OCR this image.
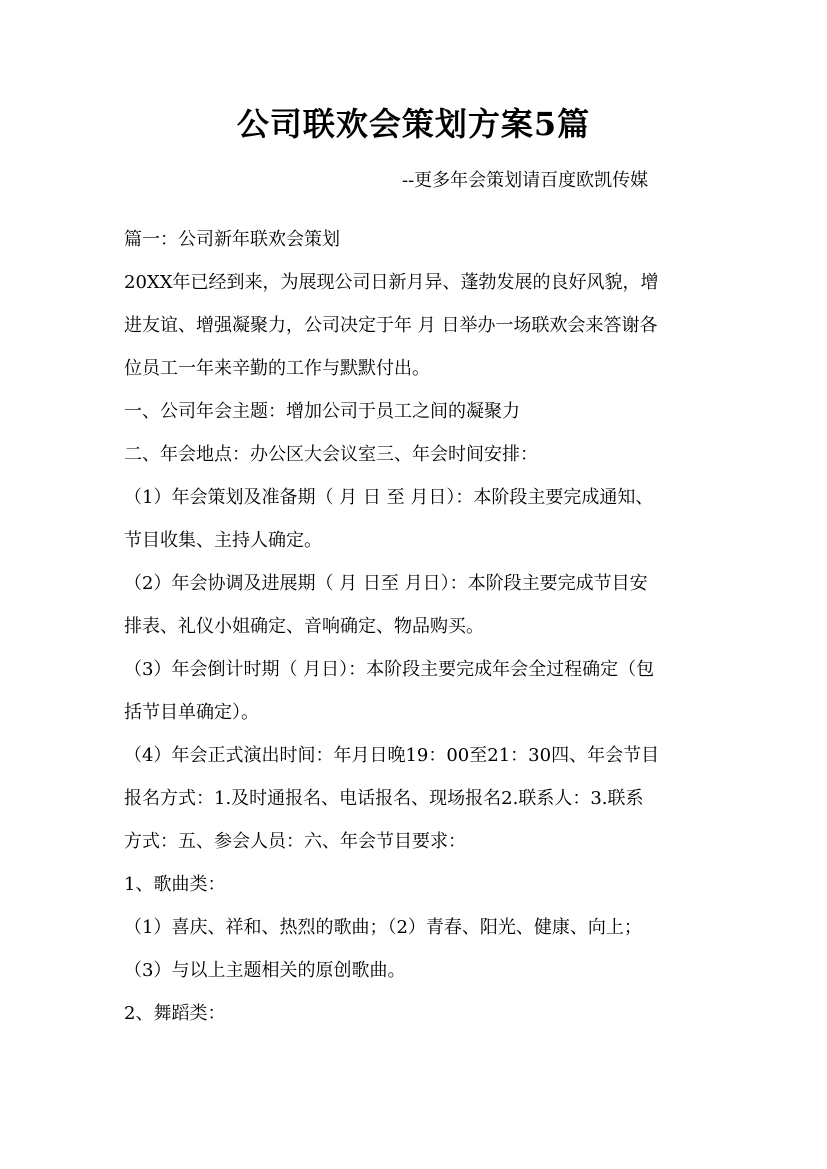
公司联欢会策划方案5篇
--更多年会策划请百度欧凯传媒
篇一：公司新年联欢会策划
20XX年已经到来，为展现公司日新月异、蓬勃发展的良好风貌，增
进友谊、增强凝聚力，公司决定于年 月 日举办一场联欢会来答谢各
位员工一年来辛勤的工作与默默付出。
一、公司年会主题：增加公司于员工之间的凝聚力
二、年会地点：办公区大会议室三、年会时间安排：
（1）年会策划及准备期（ 月 日 至 月日）：本阶段主要完成通知、
节目收集、主持人确定。
（2）年会协调及进展期（ 月 日至 月日）：本阶段主要完成节目安
排表、礼仪小姐确定、音响确定、物品购买。
（3）年会倒计时期（ 月日）：本阶段主要完成年会全过程确定（包
括节目单确定）。
（4）年会正式演出时间：年月日晚19：00至21：30四、年会节目
报名方式：1.及时通报名、电话报名、现场报名2.联系人：3.联系
方式：五、参会人员：六、年会节目要求：
1、歌曲类：
（1）喜庆、祥和、热烈的歌曲；（2）青春、阳光、健康、向上；
（3）与以上主题相关的原创歌曲。
2、舞蹈类：
